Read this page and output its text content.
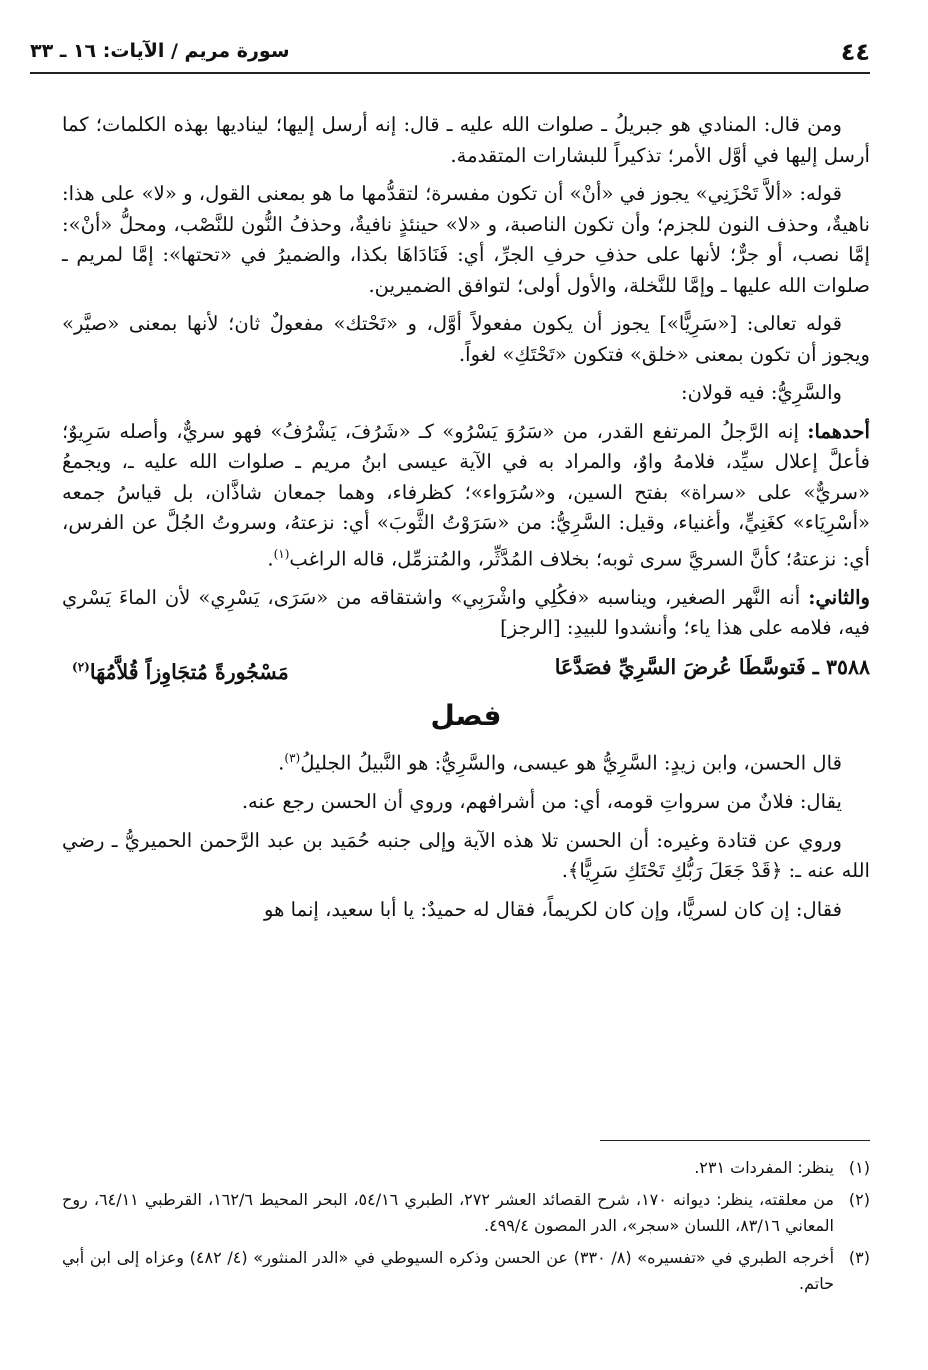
٤٤
سورة مريم / الآيات: ١٦ ـ ٣٣

ومن قال: المنادي هو جبريلُ ـ صلوات الله عليه ـ قال: إنه أرسل إليها؛ ليناديها بهذه الكلمات؛ كما أرسل إليها في أوَّل الأمر؛ تذكيراً للبشارات المتقدمة.

قوله: «ألاَّ تَحْزَنِي» يجوز في «أنْ» أن تكون مفسرة؛ لتقدُّمها ما هو بمعنى القول، و «لا» على هذا: ناهيةٌ، وحذف النون للجزم؛ وأن تكون الناصبة، و «لا» حينئذٍ نافيةٌ، وحذفُ النُّون للنَّصْب، ومحلُّ «أنْ»: إمَّا نصب، أو جرٌّ؛ لأنها على حذفِ حرفِ الجرِّ، أي: فَنَادَاهَا بكذا، والضميرُ في «تحتها»: إمَّا لمريم ـ صلوات الله عليها ـ وإمَّا للنَّخلة، والأول أولى؛ لتوافق الضميرين.

قوله تعالى: [«سَرِيًّا»] يجوز أن يكون مفعولاً أوَّل، و «تَحْتك» مفعولٌ ثان؛ لأنها بمعنى «صيَّر» ويجوز أن تكون بمعنى «خلق» فتكون «تَحْتَكِ» لغواً.

والسَّرِيُّ: فيه قولان:

أحدهما: إنه الرَّجلُ المرتفع القدر، من «سَرُوَ يَسْرُو» كـ «شَرُفَ، يَشْرُفُ» فهو سريٌّ، وأصله سَرِيوٌ؛ فأعلَّ إعلال سيِّد، فلامهُ واوٌ، والمراد به في الآية عيسى ابنُ مريم ـ صلوات الله عليه ـ، ويجمعُ «سريٌّ» على «سراة» بفتح السين، و«سُرَواء»؛ كظرفاء، وهما جمعان شاذَّان، بل قياسُ جمعه «أسْرِيَاء» كغَنِيٍّ، وأغنياء، وقيل: السَّرِيُّ: من «سَرَوْتُ الثَّوبَ» أي: نزعتهُ، وسروتُ الجُلَّ عن الفرس، أي: نزعتهُ؛ كأنَّ السريَّ سرى ثوبه؛ بخلاف المُدَّثِّر، والمُتزمِّل، قاله الراغب$^{(١)}$.

والثاني: أنه النَّهر الصغير، ويناسبه «فكُلِي واشْرَبِي» واشتقاقه من «سَرَى، يَسْرِي» لأن الماءَ يَسْري فيه، فلامه على هذا ياء؛ وأنشدوا للبيدِ: [الرجز]

٣٥٨٨ ـ فَتوسَّطَا عُرضَ السَّرِيِّ فصَدَّعَا
مَسْجُورةً مُتجَاوِزاً قُلاَّمُهَا$^{(٢)}$
فصل

قال الحسن، وابن زيدٍ: السَّرِيُّ هو عيسى، والسَّرِيُّ: هو النَّبيلُ الجليلُ$^{(٣)}$.

يقال: فلانٌ من سرواتِ قومه، أي: من أشرافهم، وروي أن الحسن رجع عنه.

وروي عن قتادة وغيره: أن الحسن تلا هذه الآية وإلى جنبه حُمَيد بن عبد الرَّحمن الحميريُّ ـ رضي الله عنه ـ: ﴿قَدْ جَعَلَ رَبُّكِ تَحْتَكِ سَرِيًّا﴾.

فقال: إن كان لسريًّا، وإن كان لكريماً، فقال له حميدٌ: يا أبا سعيد، إنما هو

(١)
ينظر: المفردات ٢٣١.
(٢)
من معلقته، ينظر: ديوانه ١٧٠، شرح القصائد العشر ٢٧٢، الطبري ٥٤/١٦، البحر المحيط ١٦٢/٦، القرطبي ٦٤/١١، روح المعاني ٨٣/١٦، اللسان «سجر»، الدر المصون ٤٩٩/٤.
(٣)
أخرجه الطبري في «تفسيره» (٨/ ٣٣٠) عن الحسن وذكره السيوطي في «الدر المنثور» (٤/ ٤٨٢) وعزاه إلى ابن أبي حاتم.
